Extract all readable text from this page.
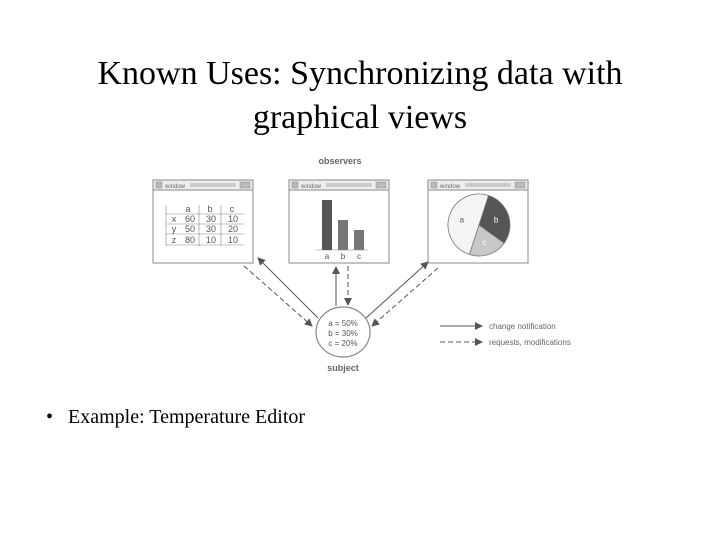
Known Uses: Synchronizing data with
graphical views
observers
window
a b c
x 60 30 10
y 50 30 20
z 80 10 10
window
a b c
window
a	b
c
a = 50%
b = 30%
c = 20%
subject
change notification
requests, modifications
• Example: Temperature Editor
